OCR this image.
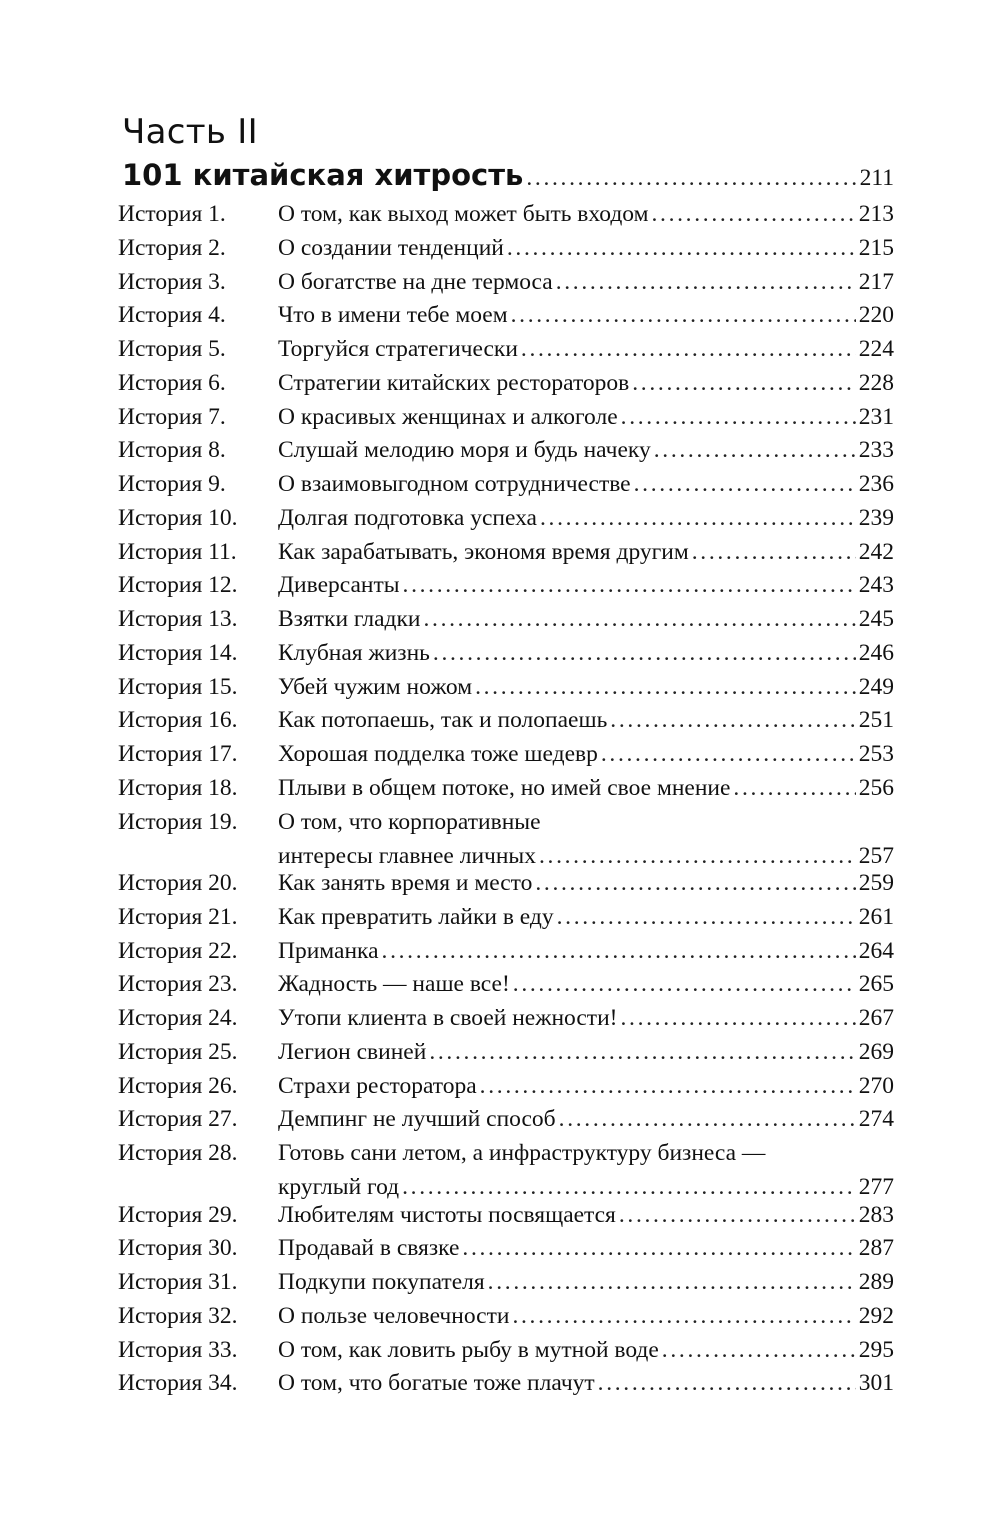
Часть II
101 китайская хитрость . . .	211
История 1.	О том, как выход может быть входом . . .	213
История 2.	О создании тенденций . . .	215
История 3.	О богатстве на дне термоса . . .	217
История 4.	Что в имени тебе моем . . .	220
История 5.	Торгуйся стратегически . . .	224
История 6.	Стратегии китайских рестораторов . . .	228
История 7.	О красивых женщинах и алкоголе . . .	231
История 8.	Слушай мелодию моря и будь начеку . . .	233
История 9.	О взаимовыгодном сотрудничестве . . .	236
История 10.	Долгая подготовка успеха . . .	239
История 11.	Как зарабатывать, экономя время другим . . .	242
История 12.	Диверсанты . . .	243
История 13.	Взятки гладки . . .	245
История 14.	Клубная жизнь . . .	246
История 15.	Убей чужим ножом . . .	249
История 16.	Как потопаешь, так и полопаешь . . .	251
История 17.	Хорошая подделка тоже шедевр . . .	253
История 18.	Плыви в общем потоке, но имей свое мнение . . .	256
История 19.	О том, что корпоративные
интересы главнее личных . . .	257
История 20.	Как занять время и место . . .	259
История 21.	Как превратить лайки в еду . . .	261
История 22.	Приманка . . .	264
История 23.	Жадность — наше все! . . .	265
История 24.	Утопи клиента в своей нежности! . . .	267
История 25.	Легион свиней . . .	269
История 26.	Страхи ресторатора . . .	270
История 27.	Демпинг не лучший способ . . .	274
История 28.	Готовь сани летом, а инфраструктуру бизнеса —
круглый год . . .	277
История 29.	Любителям чистоты посвящается . . .	283
История 30.	Продавай в связке . . .	287
История 31.	Подкупи покупателя . . .	289
История 32.	О пользе человечности . . .	292
История 33.	О том, как ловить рыбу в мутной воде . . .	295
История 34.	О том, что богатые тоже плачут . . .	301
